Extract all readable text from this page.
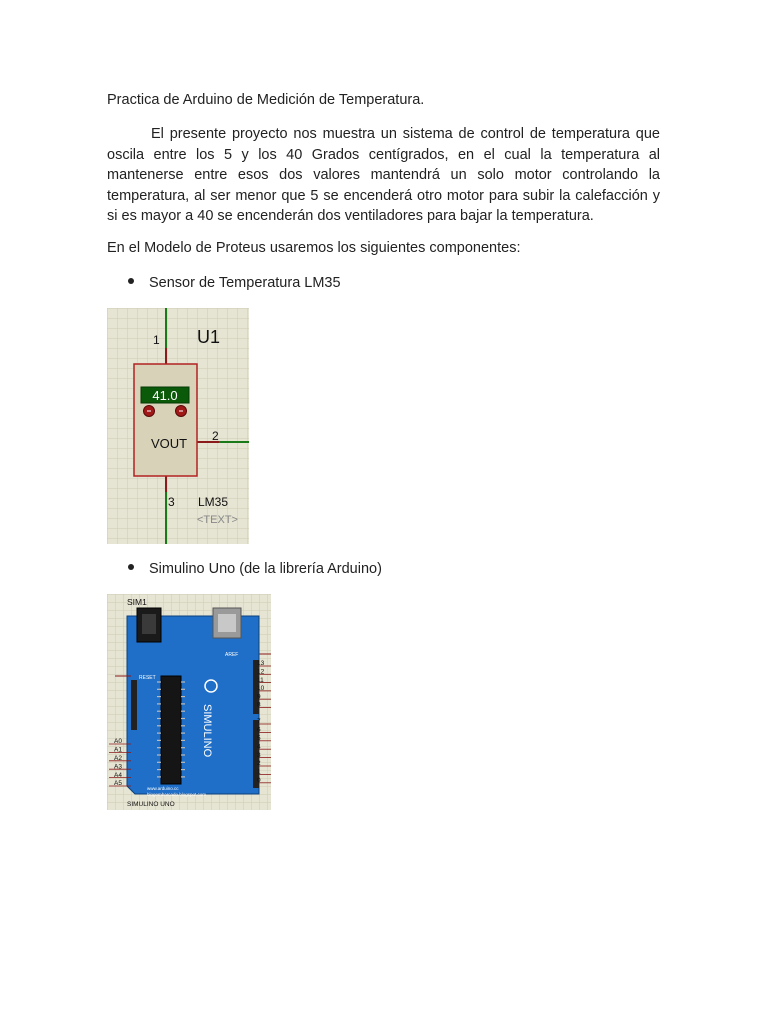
Practica de Arduino de Medición de Temperatura.
El presente proyecto nos muestra un sistema de control de temperatura que oscila entre los 5 y los 40 Grados centígrados, en el cual la temperatura al mantenerse entre esos dos valores mantendrá un solo motor controlando la temperatura, al ser menor que 5 se encenderá otro motor para subir la calefacción y si es mayor a 40 se encenderán dos ventiladores para bajar la temperatura.
En el Modelo de Proteus usaremos los siguientes componentes:
Sensor de Temperatura LM35
41.0
VOUT
U1
1
2
3 LM35
<TEXT>
Simulino Uno (de la librería Arduino)
SIM1
RESET
SIMULINO
AREF
13
12
11
10
9
8
7
6
5
4
3
2
1
0
A0
A1
A2
A3
A4
A5
www.arduino.cc
blogembarcado.blogspot.com
SIMULINO UNO
